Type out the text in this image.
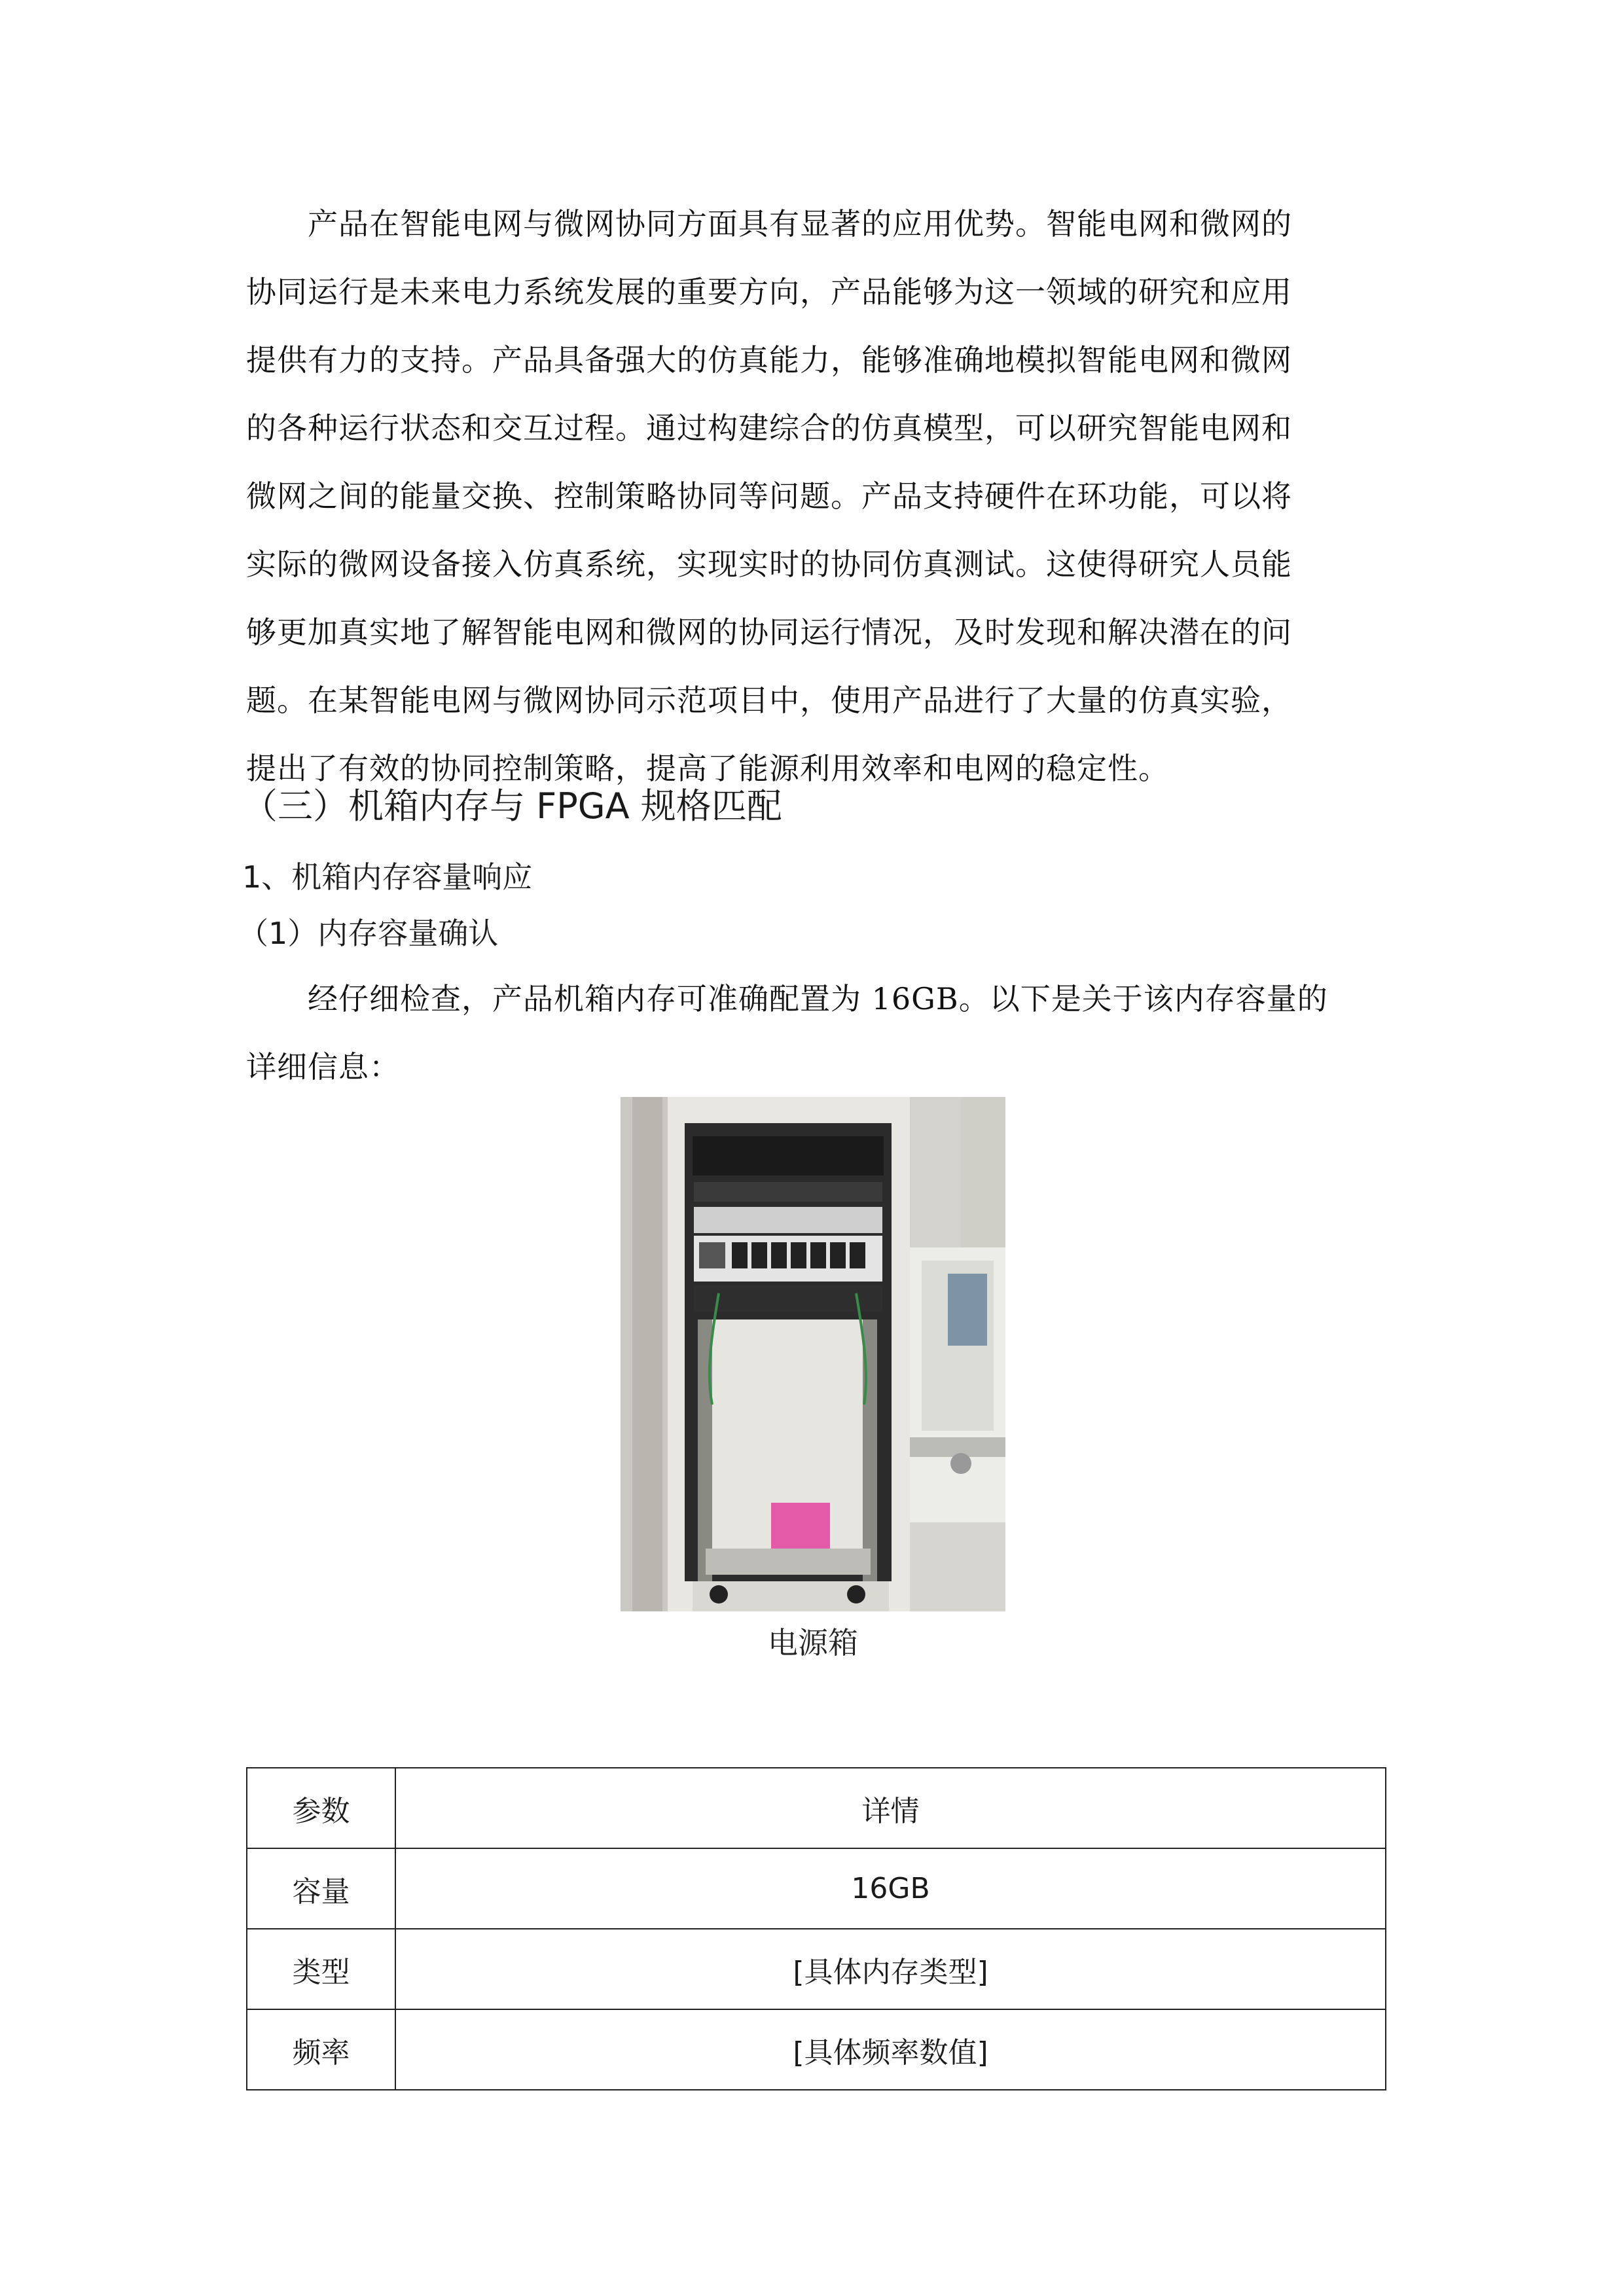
产品在智能电网与微网协同方面具有显著的应用优势。智能电网和微网的
协同运行是未来电力系统发展的重要方向，产品能够为这一领域的研究和应用
提供有力的支持。产品具备强大的仿真能力，能够准确地模拟智能电网和微网
的各种运行状态和交互过程。通过构建综合的仿真模型，可以研究智能电网和
微网之间的能量交换、控制策略协同等问题。产品支持硬件在环功能，可以将
实际的微网设备接入仿真系统，实现实时的协同仿真测试。这使得研究人员能
够更加真实地了解智能电网和微网的协同运行情况，及时发现和解决潜在的问
题。在某智能电网与微网协同示范项目中，使用产品进行了大量的仿真实验，
提出了有效的协同控制策略，提高了能源利用效率和电网的稳定性。
（三）机箱内存与 FPGA 规格匹配
1、机箱内存容量响应
（1）内存容量确认
经仔细检查，产品机箱内存可准确配置为 16GB。以下是关于该内存容量的
详细信息：
电源箱
参数	详情
容量	16GB
类型	[具体内存类型]
频率	[具体频率数值]
